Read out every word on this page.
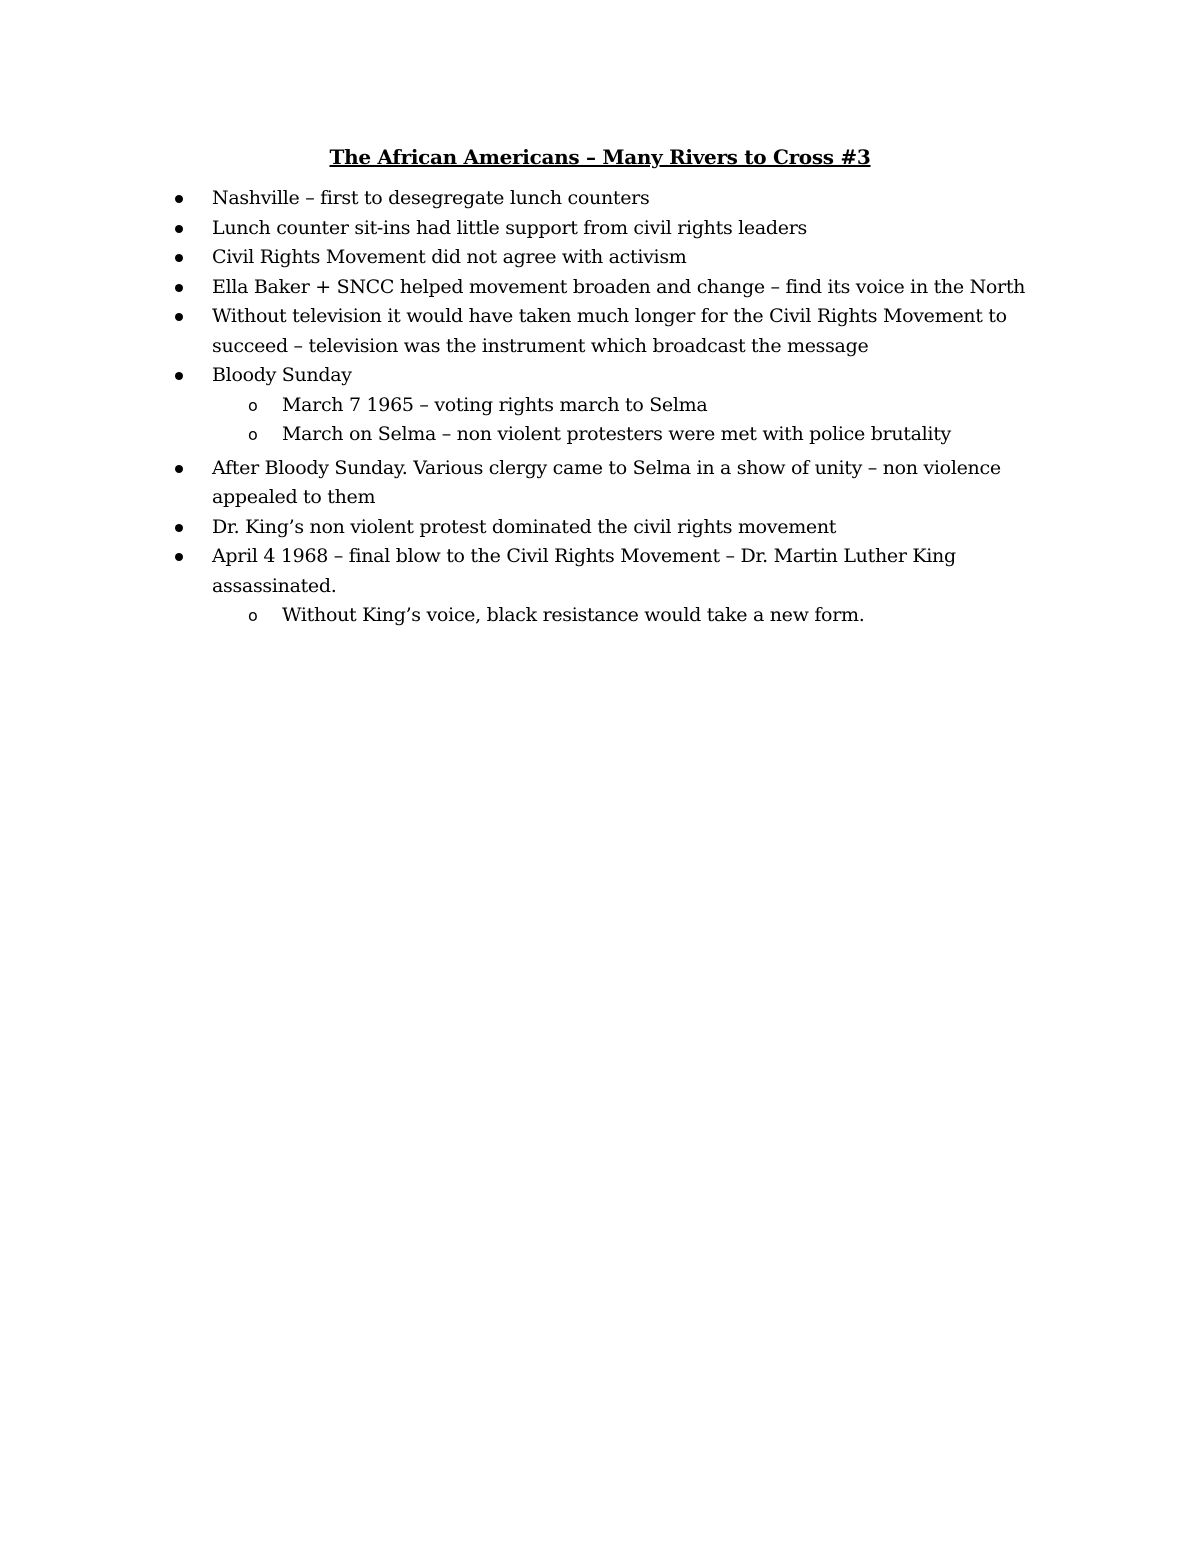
The African Americans – Many Rivers to Cross #3
Nashville – first to desegregate lunch counters
Lunch counter sit-ins had little support from civil rights leaders
Civil Rights Movement did not agree with activism
Ella Baker + SNCC helped movement broaden and change – find its voice in the North
Without television it would have taken much longer for the Civil Rights Movement to succeed – television was the instrument which broadcast the message
Bloody Sunday
o March 7 1965 – voting rights march to Selma
o March on Selma – non violent protesters were met with police brutality
After Bloody Sunday. Various clergy came to Selma in a show of unity – non violence appealed to them
Dr. King’s non violent protest dominated the civil rights movement
April 4 1968 – final blow to the Civil Rights Movement – Dr. Martin Luther King assassinated.
o Without King’s voice, black resistance would take a new form.
